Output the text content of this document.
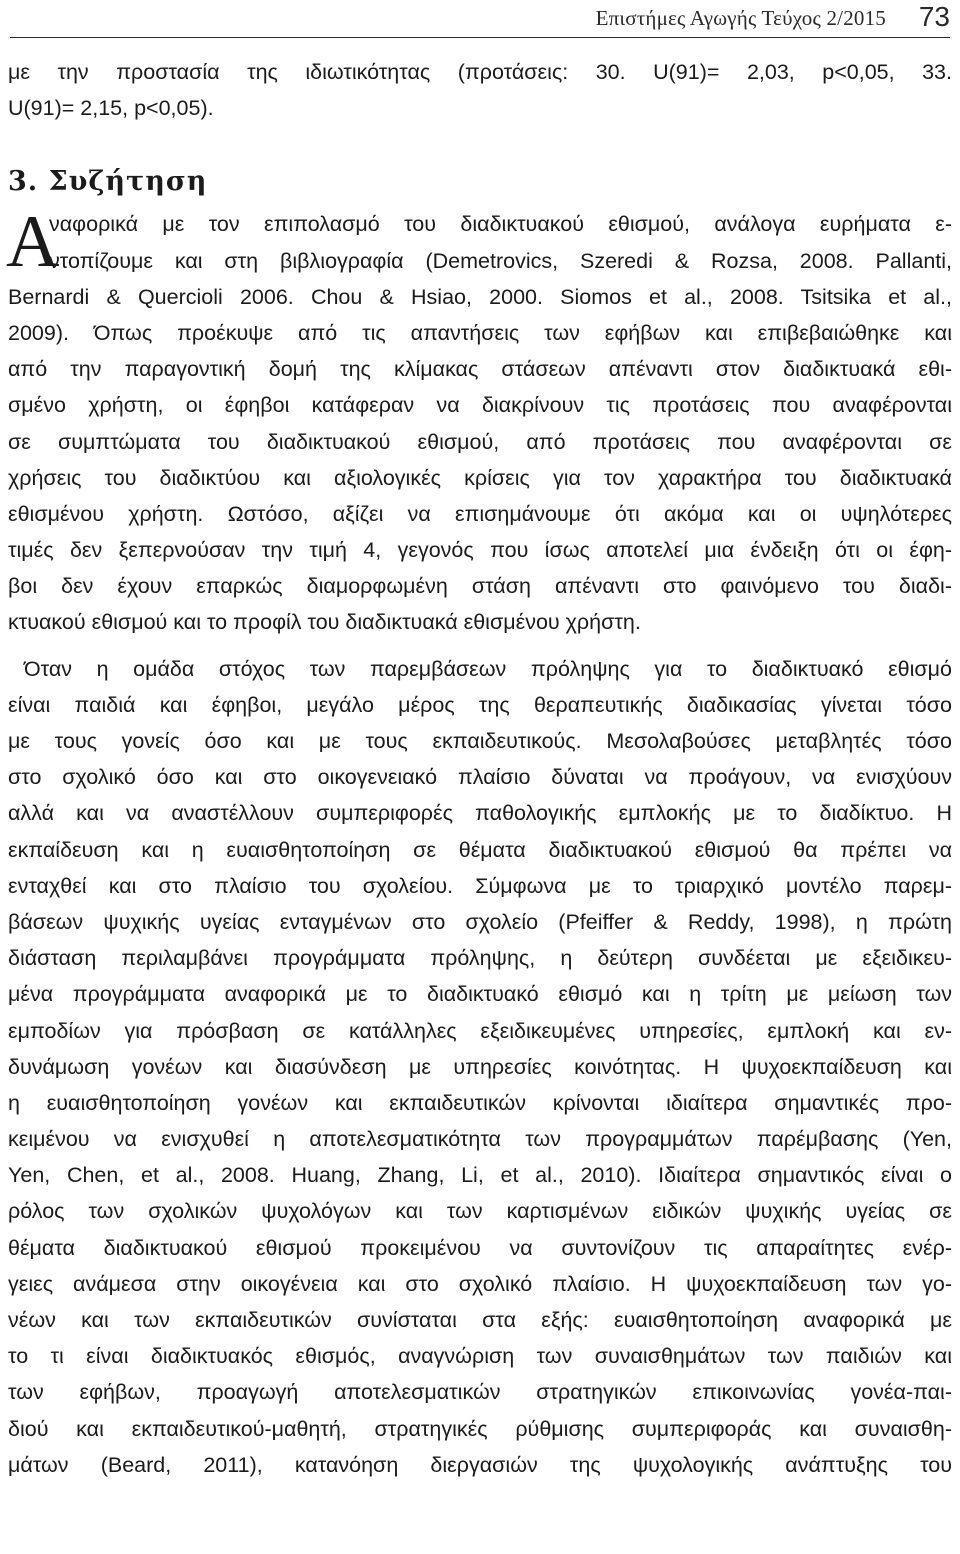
Επιστήμες Αγωγής Τεύχος 2/2015 73
με την προστασία της ιδιωτικότητας (προτάσεις: 30. U(91)= 2,03, p<0,05, 33.
U(91)= 2,15, p<0,05).
3. Συζήτηση
Α
ναφορικά με τον επιπολασμό του διαδικτυακού εθισμού, ανάλογα ευρήματα ε-
ντοπίζουμε και στη βιβλιογραφία (Demetrovics, Szeredi & Rozsa, 2008. Pallanti,
Bernardi & Quercioli 2006. Chou & Hsiao, 2000. Siomos et al., 2008. Tsitsika et al.,
2009). Όπως προέκυψε από τις απαντήσεις των εφήβων και επιβεβαιώθηκε και
από την παραγοντική δομή της κλίμακας στάσεων απέναντι στον διαδικτυακά εθι-
σμένο χρήστη, οι έφηβοι κατάφεραν να διακρίνουν τις προτάσεις που αναφέρονται
σε συμπτώματα του διαδικτυακού εθισμού, από προτάσεις που αναφέρονται σε
χρήσεις του διαδικτύου και αξιολογικές κρίσεις για τον χαρακτήρα του διαδικτυακά
εθισμένου χρήστη. Ωστόσο, αξίζει να επισημάνουμε ότι ακόμα και οι υψηλότερες
τιμές δεν ξεπερνούσαν την τιμή 4, γεγονός που ίσως αποτελεί μια ένδειξη ότι οι έφη-
βοι δεν έχουν επαρκώς διαμορφωμένη στάση απέναντι στο φαινόμενο του διαδι-
κτυακού εθισμού και το προφίλ του διαδικτυακά εθισμένου χρήστη.
Όταν η ομάδα στόχος των παρεμβάσεων πρόληψης για το διαδικτυακό εθισμό
είναι παιδιά και έφηβοι, μεγάλο μέρος της θεραπευτικής διαδικασίας γίνεται τόσο
με τους γονείς όσο και με τους εκπαιδευτικούς. Μεσολαβούσες μεταβλητές τόσο
στο σχολικό όσο και στο οικογενειακό πλαίσιο δύναται να προάγουν, να ενισχύουν
αλλά και να αναστέλλουν συμπεριφορές παθολογικής εμπλοκής με το διαδίκτυο. Η
εκπαίδευση και η ευαισθητοποίηση σε θέματα διαδικτυακού εθισμού θα πρέπει να
ενταχθεί και στο πλαίσιο του σχολείου. Σύμφωνα με το τριαρχικό μοντέλο παρεμ-
βάσεων ψυχικής υγείας ενταγμένων στο σχολείο (Pfeiffer & Reddy, 1998), η πρώτη
διάσταση περιλαμβάνει προγράμματα πρόληψης, η δεύτερη συνδέεται με εξειδικευ-
μένα προγράμματα αναφορικά με το διαδικτυακό εθισμό και η τρίτη με μείωση των
εμποδίων για πρόσβαση σε κατάλληλες εξειδικευμένες υπηρεσίες, εμπλοκή και εν-
δυνάμωση γονέων και διασύνδεση με υπηρεσίες κοινότητας. Η ψυχοεκπαίδευση και
η ευαισθητοποίηση γονέων και εκπαιδευτικών κρίνονται ιδιαίτερα σημαντικές προ-
κειμένου να ενισχυθεί η αποτελεσματικότητα των προγραμμάτων παρέμβασης (Yen,
Yen, Chen, et al., 2008. Huang, Zhang, Li, et al., 2010). Ιδιαίτερα σημαντικός είναι ο
ρόλος των σχολικών ψυχολόγων και των καρτισμένων ειδικών ψυχικής υγείας σε
θέματα διαδικτυακού εθισμού προκειμένου να συντονίζουν τις απαραίτητες ενέρ-
γειες ανάμεσα στην οικογένεια και στο σχολικό πλαίσιο. Η ψυχοεκπαίδευση των γο-
νέων και των εκπαιδευτικών συνίσταται στα εξής: ευαισθητοποίηση αναφορικά με
το τι είναι διαδικτυακός εθισμός, αναγνώριση των συναισθημάτων των παιδιών και
των εφήβων, προαγωγή αποτελεσματικών στρατηγικών επικοινωνίας γονέα-παι-
διού και εκπαιδευτικού-μαθητή, στρατηγικές ρύθμισης συμπεριφοράς και συναισθη-
μάτων (Beard, 2011), κατανόηση διεργασιών της ψυχολογικής ανάπτυξης του
